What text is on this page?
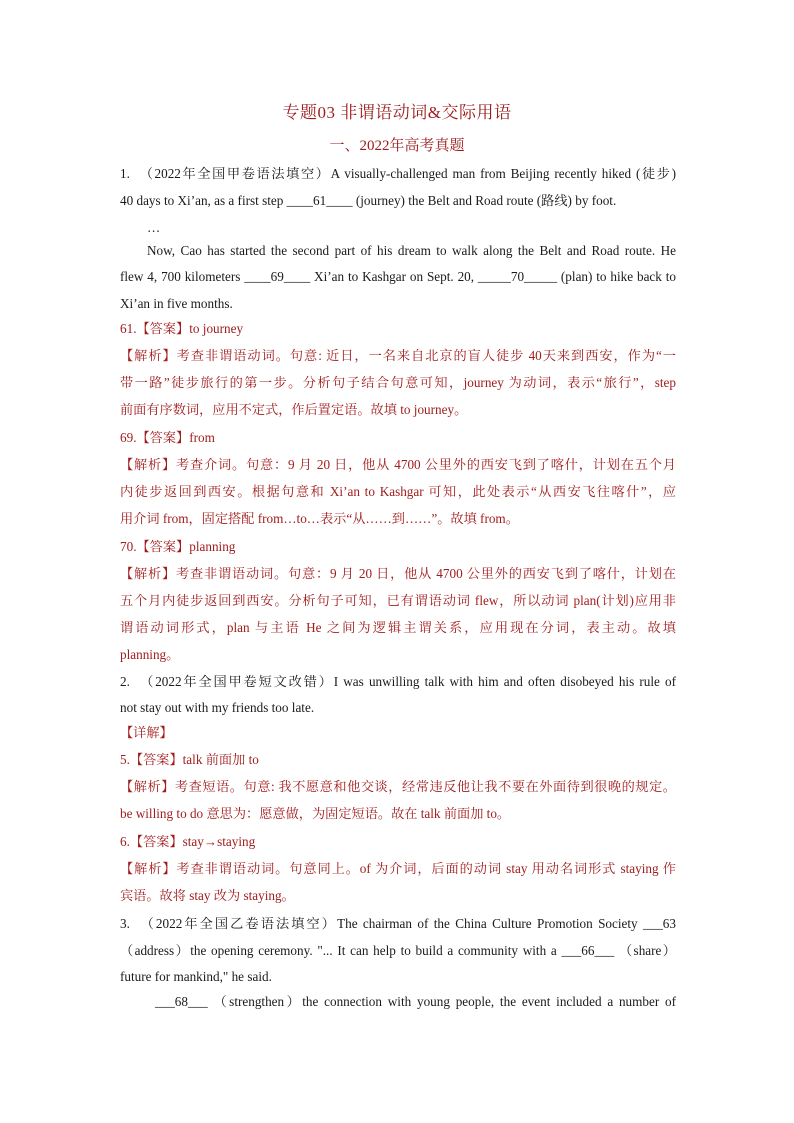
专题03 非谓语动词&交际用语
一、2022年高考真题
1.　（2022年全国甲卷语法填空）A visually-challenged man from Beijing recently hiked (徒步)
40 days to Xi’an, as a first step ____61____ (journey) the Belt and Road route (路线) by foot.
…
Now, Cao has started the second part of his dream to walk along the Belt and Road route. He
flew 4, 700 kilometers ____69____ Xi’an to Kashgar on Sept. 20, _____70_____ (plan) to hike back to
Xi’an in five months.
61.【答案】to journey
【解析】考查非谓语动词。句意: 近日，一名来自北京的盲人徒步 40天来到西安，作为“一
带一路”徒步旅行的第一步。分析句子结合句意可知，journey 为动词，表示“旅行”，step
前面有序数词，应用不定式，作后置定语。故填 to journey。
69.【答案】from
【解析】考查介词。句意：9 月 20 日，他从 4700 公里外的西安飞到了喀什，计划在五个月
内徒步返回到西安。根据句意和 Xi’an to Kashgar 可知，此处表示“从西安飞往喀什”，应
用介词 from，固定搭配 from…to…表示“从……到……”。故填 from。
70.【答案】planning
【解析】考查非谓语动词。句意：9 月 20 日，他从 4700 公里外的西安飞到了喀什，计划在
五个月内徒步返回到西安。分析句子可知，已有谓语动词 flew，所以动词 plan(计划)应用非
谓语动词形式，plan 与主语 He 之间为逻辑主谓关系，应用现在分词，表主动。故填
planning。
2.　（2022年全国甲卷短文改错）I was unwilling talk with him and often disobeyed his rule of
not stay out with my friends too late.
【详解】
5.【答案】talk 前面加 to
【解析】考查短语。句意: 我不愿意和他交谈，经常违反他让我不要在外面待到很晚的规定。
be willing to do 意思为：愿意做，为固定短语。故在 talk 前面加 to。
6.【答案】stay→staying
【解析】考查非谓语动词。句意同上。of 为介词，后面的动词 stay 用动名词形式 staying 作
宾语。故将 stay 改为 staying。
3.　（2022年全国乙卷语法填空）The chairman of the China Culture Promotion Society ___63
（address）the opening ceremony. "... It can help to build a community with a ___66___ （share）
future for mankind," he said.
___68___ （strengthen）the connection with young people, the event included a number of
